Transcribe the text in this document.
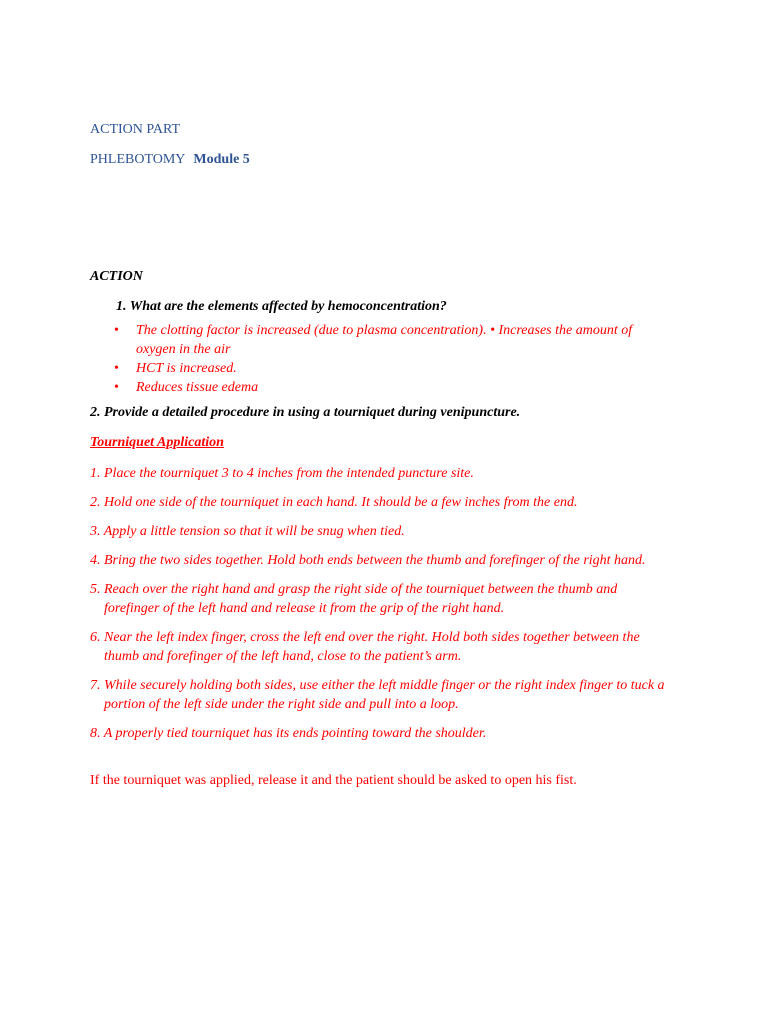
ACTION PART
PHLEBOTOMY Module 5
ACTION
1. What are the elements affected by hemoconcentration?
• The clotting factor is increased (due to plasma concentration). • Increases the amount of oxygen in the air
• HCT is increased.
• Reduces tissue edema
2. Provide a detailed procedure in using a tourniquet during venipuncture.
Tourniquet Application
1. Place the tourniquet 3 to 4 inches from the intended puncture site.
2. Hold one side of the tourniquet in each hand. It should be a few inches from the end.
3. Apply a little tension so that it will be snug when tied.
4. Bring the two sides together. Hold both ends between the thumb and forefinger of the right hand.
5. Reach over the right hand and grasp the right side of the tourniquet between the thumb and forefinger of the left hand and release it from the grip of the right hand.
6. Near the left index finger, cross the left end over the right. Hold both sides together between the thumb and forefinger of the left hand, close to the patient’s arm.
7. While securely holding both sides, use either the left middle finger or the right index finger to tuck a portion of the left side under the right side and pull into a loop.
8. A properly tied tourniquet has its ends pointing toward the shoulder.
If the tourniquet was applied, release it and the patient should be asked to open his fist.
